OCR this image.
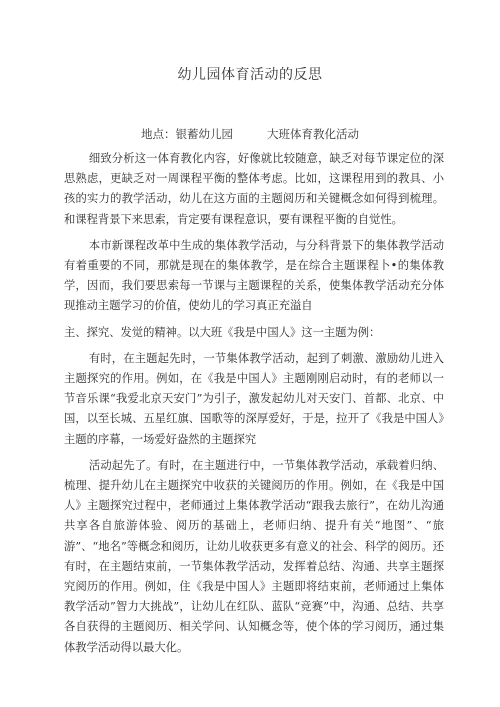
幼儿园体育活动的反思
地点：银蓄幼儿园	大班体育教化活动

细致分析这一体育教化内容，好像就比较随意，缺乏对每节课定位的深思熟虑，更缺乏对一周课程平衡的整体考虑。比如，这课程用到的教具、小孩的实力的教学活动，幼儿在这方面的主题阅历和关键概念如何得到梳理。和课程背景下来思索，肯定要有课程意识，要有课程平衡的自觉性。

本市新课程改革中生成的集体教学活动，与分科背景下的集体教学活动有着重要的不同，那就是现在的集体教学，是在综合主题课程卜•的集体教学，因而，我们要思索每一节课与主题课程的关系，使集体教学活动充分体现推动主题学习的价值，使幼儿的学习真正充溢自

主、探究、发觉的精神。以大班《我是中国人》这一主题为例：

有时，在主题起先时，一节集体教学活动，起到了刺激、激励幼儿进入主题探究的作用。例如，在《我是中国人》主题刚刚启动时，有的老师以一节音乐课“我爱北京天安门”为引子，激发起幼儿对天安门、首都、北京、中国，以至长城、五星红旗、国歌等的深厚爱好，于是，拉开了《我是中国人》主题的序幕，一场爱好盎然的主题探究

活动起先了。有时，在主题进行中，一节集体教学活动，承载着归纳、梳理、提升幼儿在主题探究中收获的关键阅历的作用。例如，在《我是中国人》主题探究过程中，老师通过上集体教学活动“跟我去旅行”，在幼儿沟通共享各自旅游体验、阅历的基础上，老师归纳、提升有关“地图”、“旅游”、“地名”等概念和阅历，让幼儿收获更多有意义的社会、科学的阅历。还有时，在主题结束前，一节集体教学活动，发挥着总结、沟通、共享主题探究阅历的作用。例如，住《我是中国人》主题即将结束前，老师通过上集体教学活动”智力大挑战”，让幼儿在红队、蓝队“竞赛”中，沟通、总结、共享各自获得的主题阅历、相关学问、认知概念等，使个体的学习阅历，通过集体教学活动得以最大化。
